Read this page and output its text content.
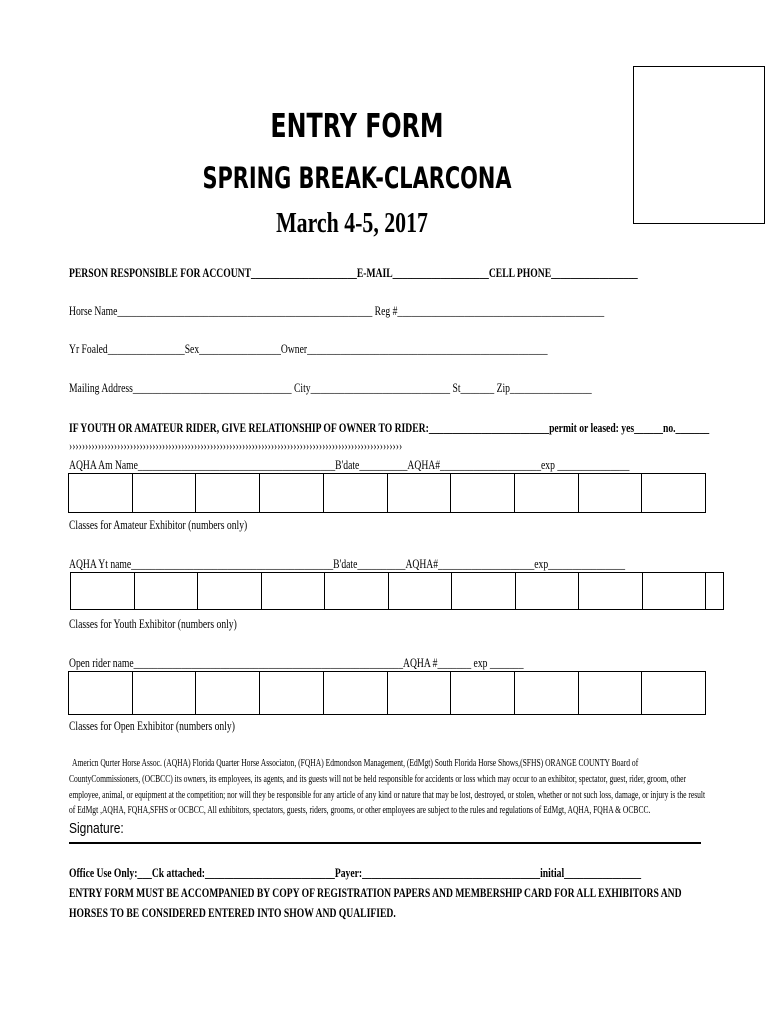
ENTRY FORM
SPRING BREAK-CLARCONA
March 4-5, 2017
PERSON RESPONSIBLE FOR ACCOUNT______________________E-MAIL____________________CELL PHONE__________________
Horse Name_____________________________________________________ Reg #___________________________________________
Yr Foaled________________Sex_________________Owner__________________________________________________
Mailing Address_________________________________ City_____________________________ St_______ Zip_________________
IF YOUTH OR AMATEUR RIDER, GIVE RELATIONSHIP OF OWNER TO RIDER:_________________________permit or leased: yes______no._______
››››››››››››››››››››››››››››››››››››››››››››››››››››››››››››››››››››››››››››››››››››››››››››››››››››››››
AQHA Am Name_________________________________________B'date__________AQHA#_____________________exp _______________
Classes for Amateur Exhibitor (numbers only)
AQHA Yt name__________________________________________B'date__________AQHA#____________________exp________________
Classes for Youth Exhibitor (numbers only)
Open rider name________________________________________________________AQHA #_______ exp _______
Classes for Open Exhibitor (numbers only)
Americn Qurter Horse Assoc. (AQHA) Florida Quarter Horse Associaton, (FQHA) Edmondson Management, (EdMgt) South Florida Horse Shows,(SFHS) ORANGE COUNTY Board of
CountyCommissioners, (OCBCC) its owners, its employees, its agents, and its guests will not be held responsible for accidents or loss which may occur to an exhibitor, spectator, guest, rider, groom, other
employee, animal, or equipment at the competition; nor will they be responsible for any article of any kind or nature that may be lost, destroyed, or stolen, whether or not such loss, damage, or injury is the result
of EdMgt ,AQHA, FQHA,SFHS or OCBCC, All exhibitors, spectators, guests, riders, grooms, or other employees are subject to the rules and regulations of EdMgt, AQHA, FQHA & OCBCC.
Signature:
Office Use Only:___Ck attached:___________________________Payer:_____________________________________initial________________
ENTRY FORM MUST BE ACCOMPANIED BY COPY OF REGISTRATION PAPERS AND MEMBERSHIP CARD FOR ALL EXHIBITORS AND
HORSES TO BE CONSIDERED ENTERED INTO SHOW AND QUALIFIED.
